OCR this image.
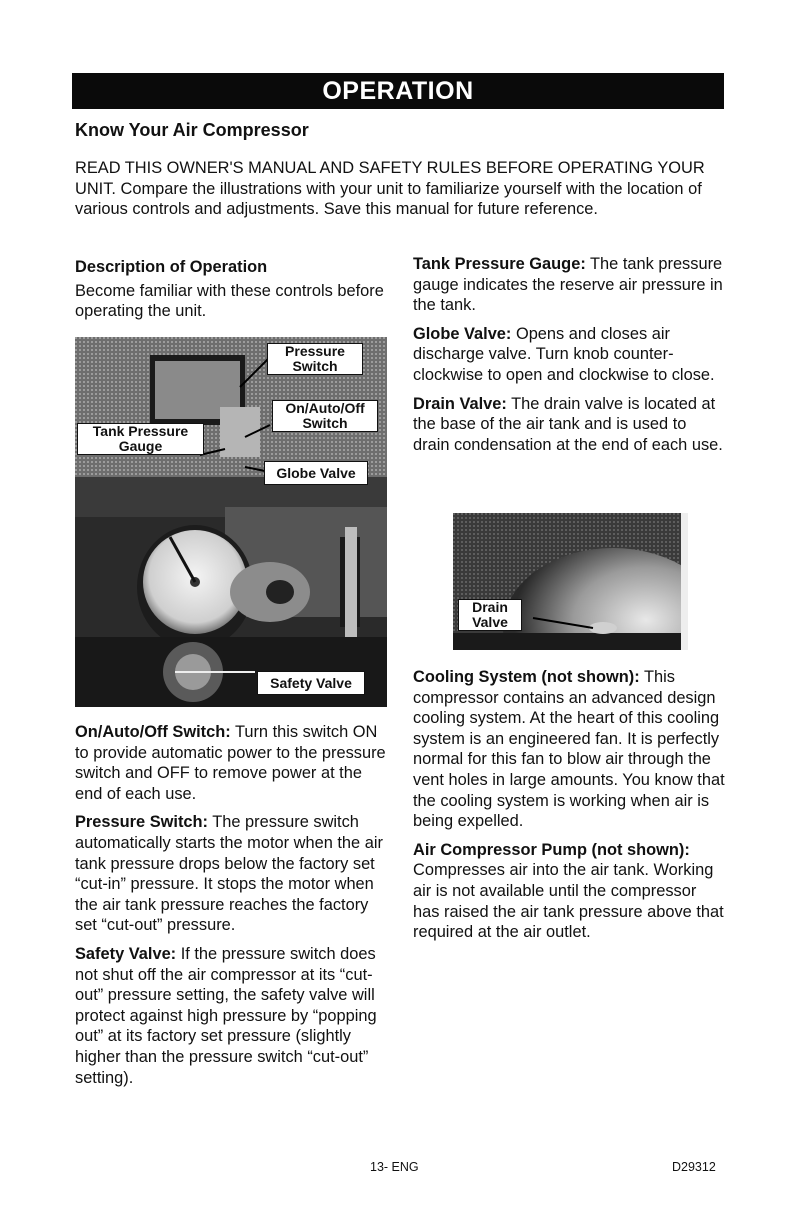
OPERATION
Know Your Air Compressor
READ THIS OWNER'S MANUAL AND SAFETY RULES BEFORE OPERATING YOUR UNIT. Compare the illustrations with your unit to familiarize yourself with the location of various controls and adjustments. Save this manual for future reference.

Description of Operation

Become familiar with these controls before operating the unit.

Pressure Switch
On/Auto/Off Switch
Tank Pressure Gauge
Globe Valve
Safety Valve

On/Auto/Off Switch: Turn this switch ON to provide automatic power to the pressure switch and OFF to remove power at the end of each use.

Pressure Switch: The pressure switch automatically starts the motor when the air tank pressure drops below the factory set “cut-in” pressure. It stops the motor when the air tank pressure reaches the factory set “cut-out” pressure.

Safety Valve: If the pressure switch does not shut off the air compressor at its “cut-out” pressure setting, the safety valve will protect against high pressure by “popping out” at its factory set pressure (slightly higher than the pressure switch “cut-out” setting).

Tank Pressure Gauge: The tank pressure gauge indicates the reserve air pressure in the tank.

Globe Valve: Opens and closes air discharge valve. Turn knob counter-clockwise to open and clockwise to close.

Drain Valve: The drain valve is located at the base of the air tank and is used to drain condensation at the end of each use.

Drain Valve

Cooling System (not shown): This compressor contains an advanced design cooling system. At the heart of this cooling system is an engineered fan. It is perfectly normal for this fan to blow air through the vent holes in large amounts. You know that the cooling system is working when air is being expelled.

Air Compressor Pump (not shown): Compresses air into the air tank. Working air is not available until the compressor has raised the air tank pressure above that required at the air outlet.

13- ENG	D29312
